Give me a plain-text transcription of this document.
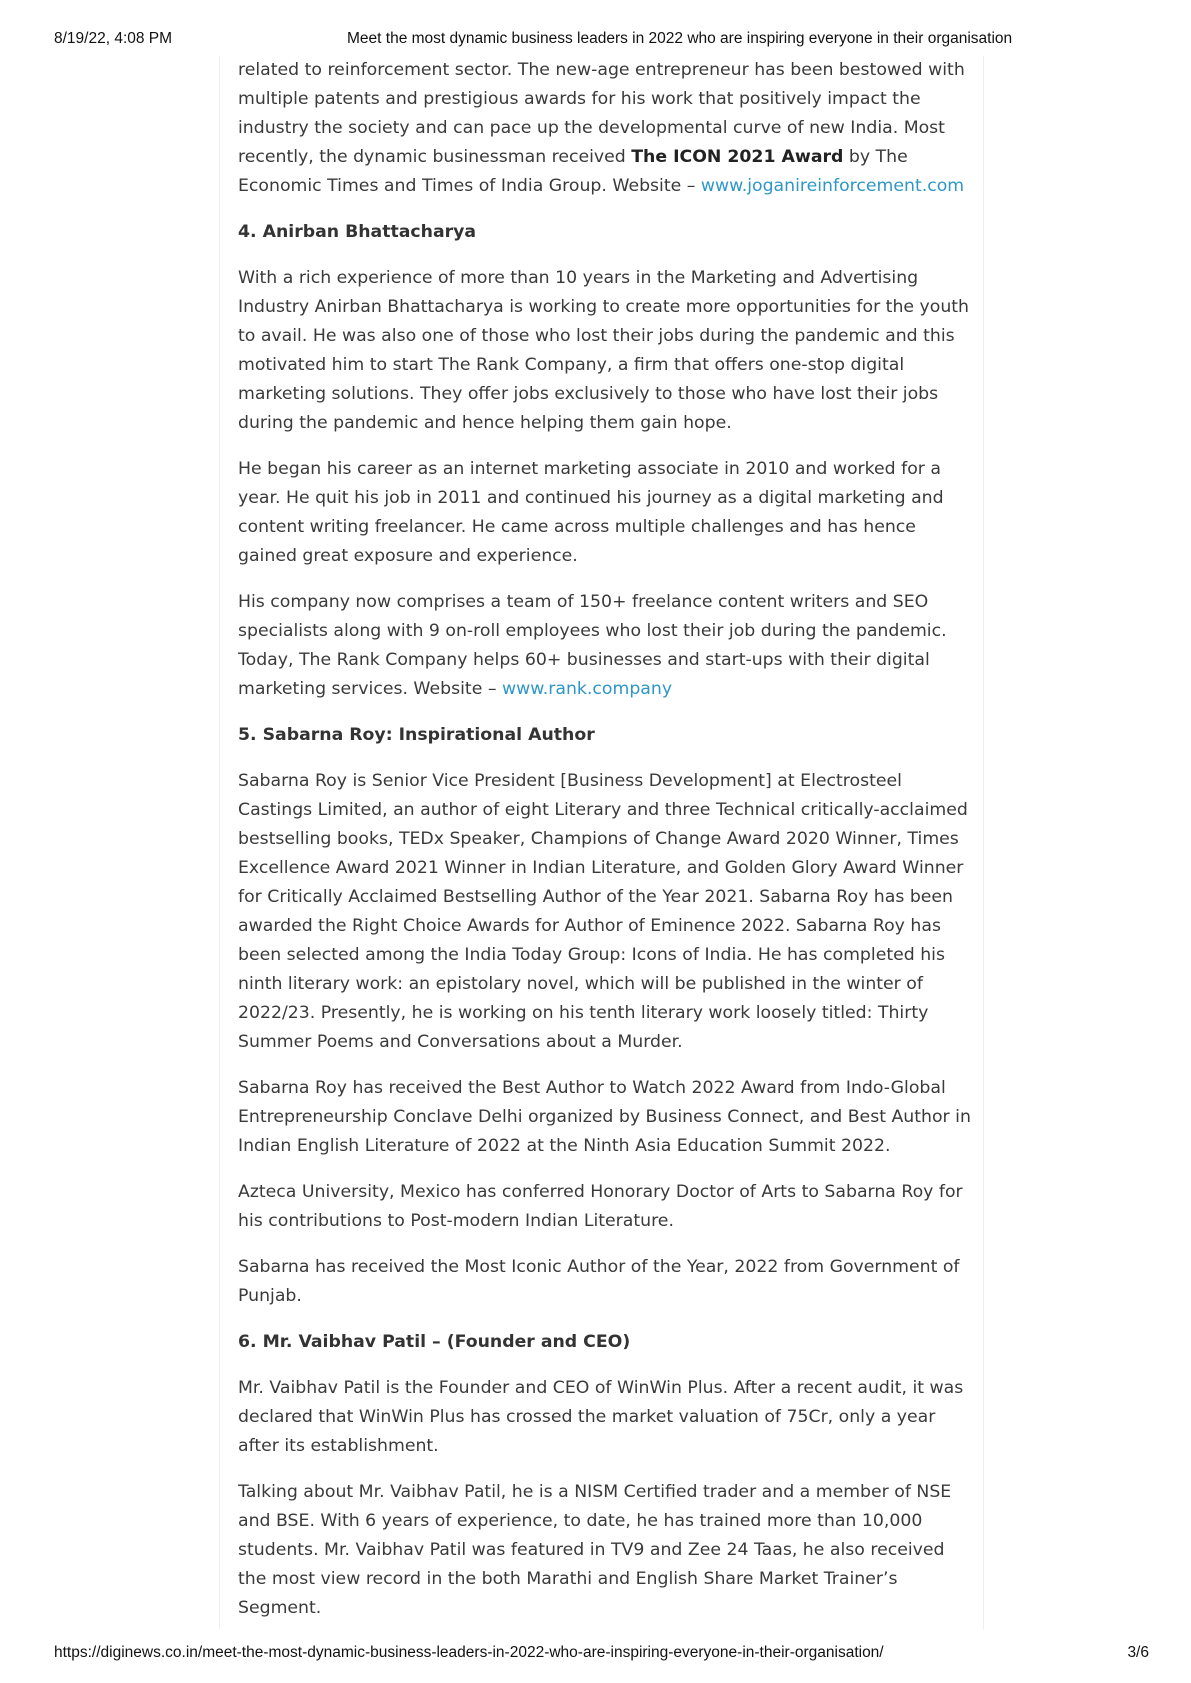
8/19/22, 4:08 PM	Meet the most dynamic business leaders in 2022 who are inspiring everyone in their organisation

related to reinforcement sector. The new-age entrepreneur has been bestowed with multiple patents and prestigious awards for his work that positively impact the industry the society and can pace up the developmental curve of new India. Most recently, the dynamic businessman received The ICON 2021 Award by The Economic Times and Times of India Group. Website – www.joganireinforcement.com

4. Anirban Bhattacharya

With a rich experience of more than 10 years in the Marketing and Advertising Industry Anirban Bhattacharya is working to create more opportunities for the youth to avail. He was also one of those who lost their jobs during the pandemic and this motivated him to start The Rank Company, a firm that offers one-stop digital marketing solutions. They offer jobs exclusively to those who have lost their jobs during the pandemic and hence helping them gain hope.

He began his career as an internet marketing associate in 2010 and worked for a year. He quit his job in 2011 and continued his journey as a digital marketing and content writing freelancer. He came across multiple challenges and has hence gained great exposure and experience.

His company now comprises a team of 150+ freelance content writers and SEO specialists along with 9 on-roll employees who lost their job during the pandemic. Today, The Rank Company helps 60+ businesses and start-ups with their digital marketing services. Website – www.rank.company

5. Sabarna Roy: Inspirational Author

Sabarna Roy is Senior Vice President [Business Development] at Electrosteel Castings Limited, an author of eight Literary and three Technical critically-acclaimed bestselling books, TEDx Speaker, Champions of Change Award 2020 Winner, Times Excellence Award 2021 Winner in Indian Literature, and Golden Glory Award Winner for Critically Acclaimed Bestselling Author of the Year 2021. Sabarna Roy has been awarded the Right Choice Awards for Author of Eminence 2022. Sabarna Roy has been selected among the India Today Group: Icons of India. He has completed his ninth literary work: an epistolary novel, which will be published in the winter of 2022/23. Presently, he is working on his tenth literary work loosely titled: Thirty Summer Poems and Conversations about a Murder.

Sabarna Roy has received the Best Author to Watch 2022 Award from Indo-Global Entrepreneurship Conclave Delhi organized by Business Connect, and Best Author in Indian English Literature of 2022 at the Ninth Asia Education Summit 2022.

Azteca University, Mexico has conferred Honorary Doctor of Arts to Sabarna Roy for his contributions to Post-modern Indian Literature.

Sabarna has received the Most Iconic Author of the Year, 2022 from Government of Punjab.

6. Mr. Vaibhav Patil – (Founder and CEO)

Mr. Vaibhav Patil is the Founder and CEO of WinWin Plus. After a recent audit, it was declared that WinWin Plus has crossed the market valuation of 75Cr, only a year after its establishment.

Talking about Mr. Vaibhav Patil, he is a NISM Certified trader and a member of NSE and BSE. With 6 years of experience, to date, he has trained more than 10,000 students. Mr. Vaibhav Patil was featured in TV9 and Zee 24 Taas, he also received the most view record in the both Marathi and English Share Market Trainer’s Segment.

https://diginews.co.in/meet-the-most-dynamic-business-leaders-in-2022-who-are-inspiring-everyone-in-their-organisation/	3/6
